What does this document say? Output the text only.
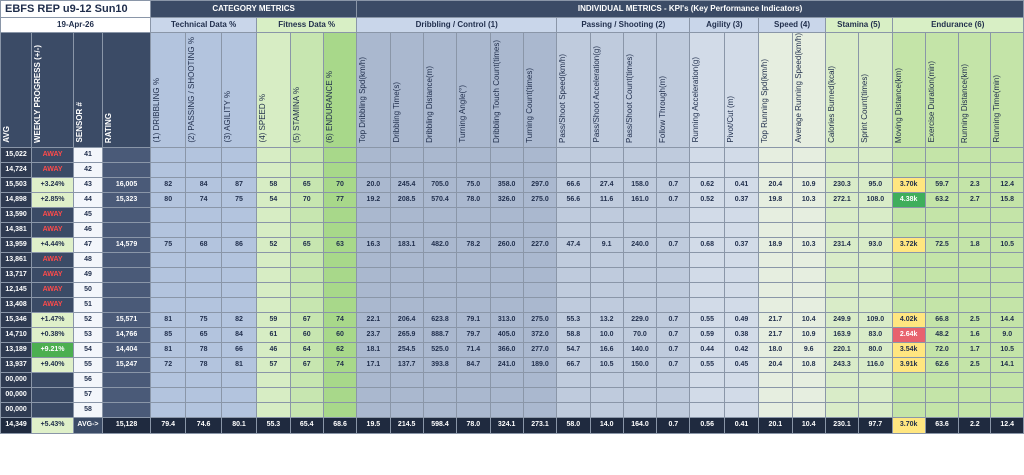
EBFS REP u9-12 Sun10				CATEGORY METRICS						INDIVIDUAL METRICS - KPI's (Key Performance Indicators)																			
19-Apr-26				Technical Data %			Fitness Data %			Dribbling / Control (1)						Passing / Shooting (2)				Agility (3)		Speed (4)		Stamina (5)		Endurance (6)			

AVG	WEEKLY PROGRESS (+/-)	SENSOR #	RATING	(1) DRIBBLING %	(2) PASSING / SHOOTING %	(3) AGILITY %	(4) SPEED %	(5) STAMINA %	(6) ENDURANCE %	Top Dribbling Spd(km/h)	Dribbling Time(s)	Dribbling Distance(m)	Turning Angle(°)	Dribbling Touch Count(times)	Turning Count(times)	Pass/Shoot Speed(km/h)	Pass/Shoot Acceleration(g)	Pass/Shoot Count(times)	Follow Through(m)	Running Acceleration(g)	Pivot/Cut (m)	Top Running Spd(km/h)	Average Running Speed(km/h)	Calories Burned(kcal)	Sprint Count(times)	Moving Distance(km)	Exercise Duration(min)	Running Distance(km)	Running Time(min)

15,022	AWAY	41																											
14,724	AWAY	42																											
15,503	+3.24%	43	16,005	82	84	87	58	65	70	20.0	245.4	705.0	75.0	358.0	297.0	66.6	27.4	158.0	0.7	0.62	0.41	20.4	10.9	230.3	95.0	3.70k	59.7	2.3	12.4
14,898	+2.85%	44	15,323	80	74	75	54	70	77	19.2	208.5	570.4	78.0	326.0	275.0	56.6	11.6	161.0	0.7	0.52	0.37	19.8	10.3	272.1	108.0	4.38k	63.2	2.7	15.8
13,590	AWAY	45																											
14,381	AWAY	46																											
13,959	+4.44%	47	14,579	75	68	86	52	65	63	16.3	183.1	482.0	78.2	260.0	227.0	47.4	9.1	240.0	0.7	0.68	0.37	18.9	10.3	231.4	93.0	3.72k	72.5	1.8	10.5
13,861	AWAY	48																											
13,717	AWAY	49																											
12,145	AWAY	50																											
13,408	AWAY	51																											
15,346	+1.47%	52	15,571	81	75	82	59	67	74	22.1	206.4	623.8	79.1	313.0	275.0	55.3	13.2	229.0	0.7	0.55	0.49	21.7	10.4	249.9	109.0	4.02k	66.8	2.5	14.4
14,710	+0.38%	53	14,766	85	65	84	61	60	60	23.7	265.9	888.7	79.7	405.0	372.0	58.8	10.0	70.0	0.7	0.59	0.38	21.7	10.9	163.9	83.0	2.64k	48.2	1.6	9.0
13,189	+9.21%	54	14,404	81	78	66	46	64	62	18.1	254.5	525.0	71.4	366.0	277.0	54.7	16.6	140.0	0.7	0.44	0.42	18.0	9.6	220.1	80.0	3.54k	72.0	1.7	10.5
13,937	+9.40%	55	15,247	72	78	81	57	67	74	17.1	137.7	393.8	84.7	241.0	189.0	66.7	10.5	150.0	0.7	0.55	0.45	20.4	10.8	243.3	116.0	3.91k	62.6	2.5	14.1
00,000		56																											
00,000		57																											
00,000		58																											
14,349	+5.43%	AVG->	15,128	79.4	74.6	80.1	55.3	65.4	68.6	19.5	214.5	598.4	78.0	324.1	273.1	58.0	14.0	164.0	0.7	0.56	0.41	20.1	10.4	230.1	97.7	3.70k	63.6	2.2	12.4
